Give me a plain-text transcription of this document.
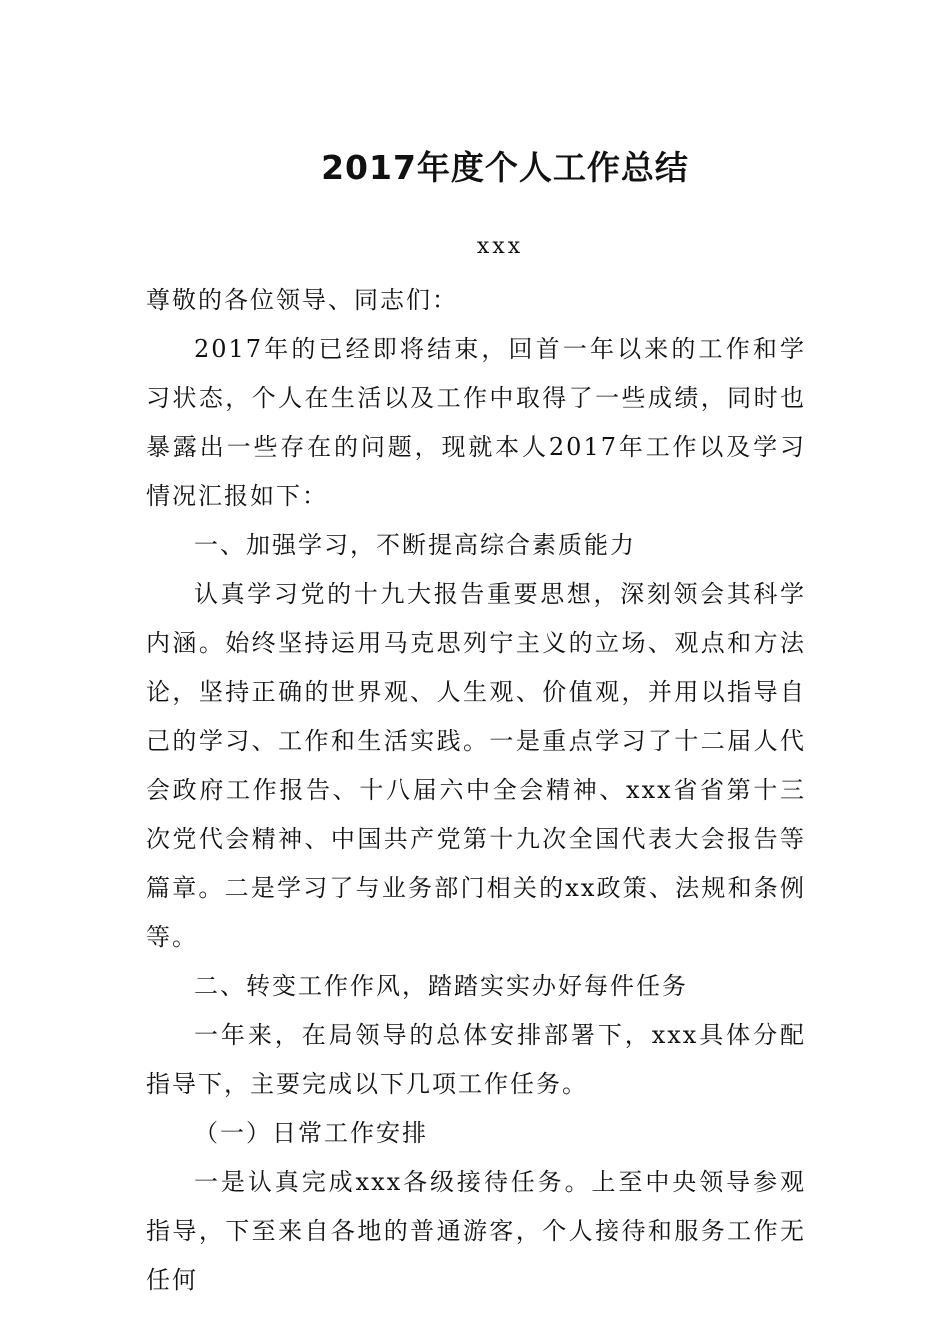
2017年度个人工作总结
xxx

尊敬的各位领导、同志们：

2017年的已经即将结束，回首一年以来的工作和学习状态，个人在生活以及工作中取得了一些成绩，同时也暴露出一些存在的问题，现就本人2017年工作以及学习情况汇报如下：

一、加强学习，不断提高综合素质能力

认真学习党的十九大报告重要思想，深刻领会其科学内涵。始终坚持运用马克思列宁主义的立场、观点和方法论，坚持正确的世界观、人生观、价值观，并用以指导自己的学习、工作和生活实践。一是重点学习了十二届人代会政府工作报告、十八届六中全会精神、xxx省省第十三次党代会精神、中国共产党第十九次全国代表大会报告等篇章。二是学习了与业务部门相关的xx政策、法规和条例等。

二、转变工作作风，踏踏实实办好每件任务

一年来，在局领导的总体安排部署下，xxx具体分配指导下，主要完成以下几项工作任务。

（一）日常工作安排

一是认真完成xxx各级接待任务。上至中央领导参观指导，下至来自各地的普通游客，个人接待和服务工作无任何
